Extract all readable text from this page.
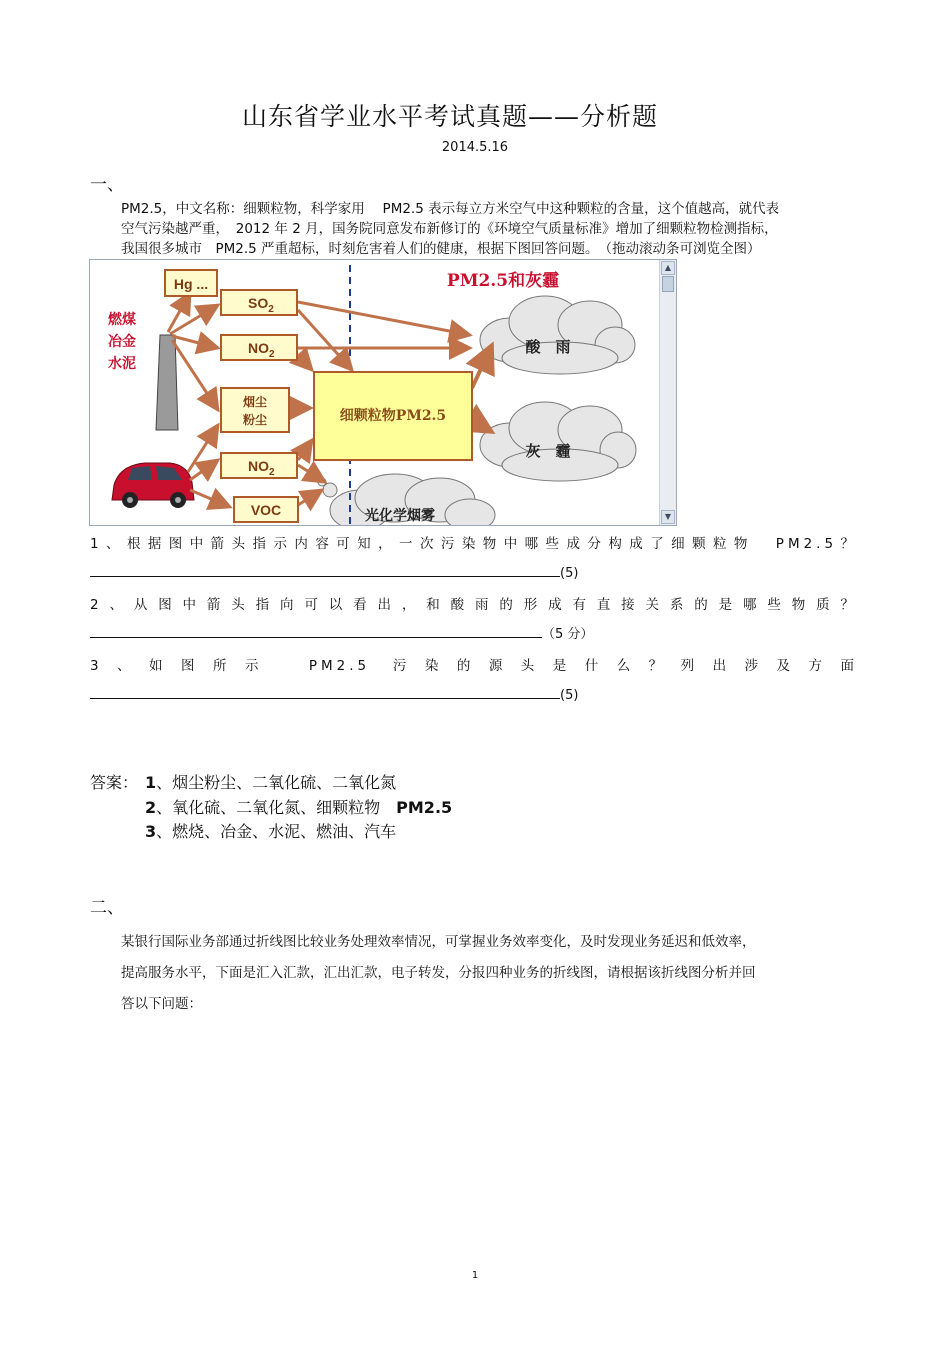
山东省学业水平考试真题——分析题
2014.5.16
一、
PM2.5，中文名称：细颗粒物，科学家用　 PM2.5 表示每立方米空气中这种颗粒的含量，这个值越高，就代表
空气污染越严重，　2012 年 2 月，国务院同意发布新修订的《环境空气质量标准》增加了细颗粒物检测指标，
我国很多城市　PM2.5 严重超标，时刻危害着人们的健康，根据下图回答问题。　（拖动滚动条可浏览全图）
Hg ...
$SO_2$
$NO_2$
烟尘
粉尘
$NO_2$
VOC
细颗粒物PM2.5
PM2.5和灰霾
燃煤
冶金
水泥
酸　雨
灰　霾
光化学烟雾
▲
▼
1、根据图中箭头指示内容可知，一次污染物中哪些成分构成了细颗粒物　PM2.5？
(5)
2、从图中箭头指向可以看出，和酸雨的形成有直接关系的是哪些物质？
（5 分）
3、如图所示　PM2.5 污染的源头是什么？列出涉及方面
(5)
答案： 1、烟尘粉尘、二氧化硫、二氧化氮
2、氧化硫、二氧化氮、细颗粒物　PM2.5
3、燃烧、冶金、水泥、燃油、汽车
二、
某银行国际业务部通过折线图比较业务处理效率情况，可掌握业务效率变化，及时发现业务延迟和低效率，
提高服务水平，下面是汇入汇款，汇出汇款，电子转发，分报四种业务的折线图，请根据该折线图分析并回
答以下问题：
1
